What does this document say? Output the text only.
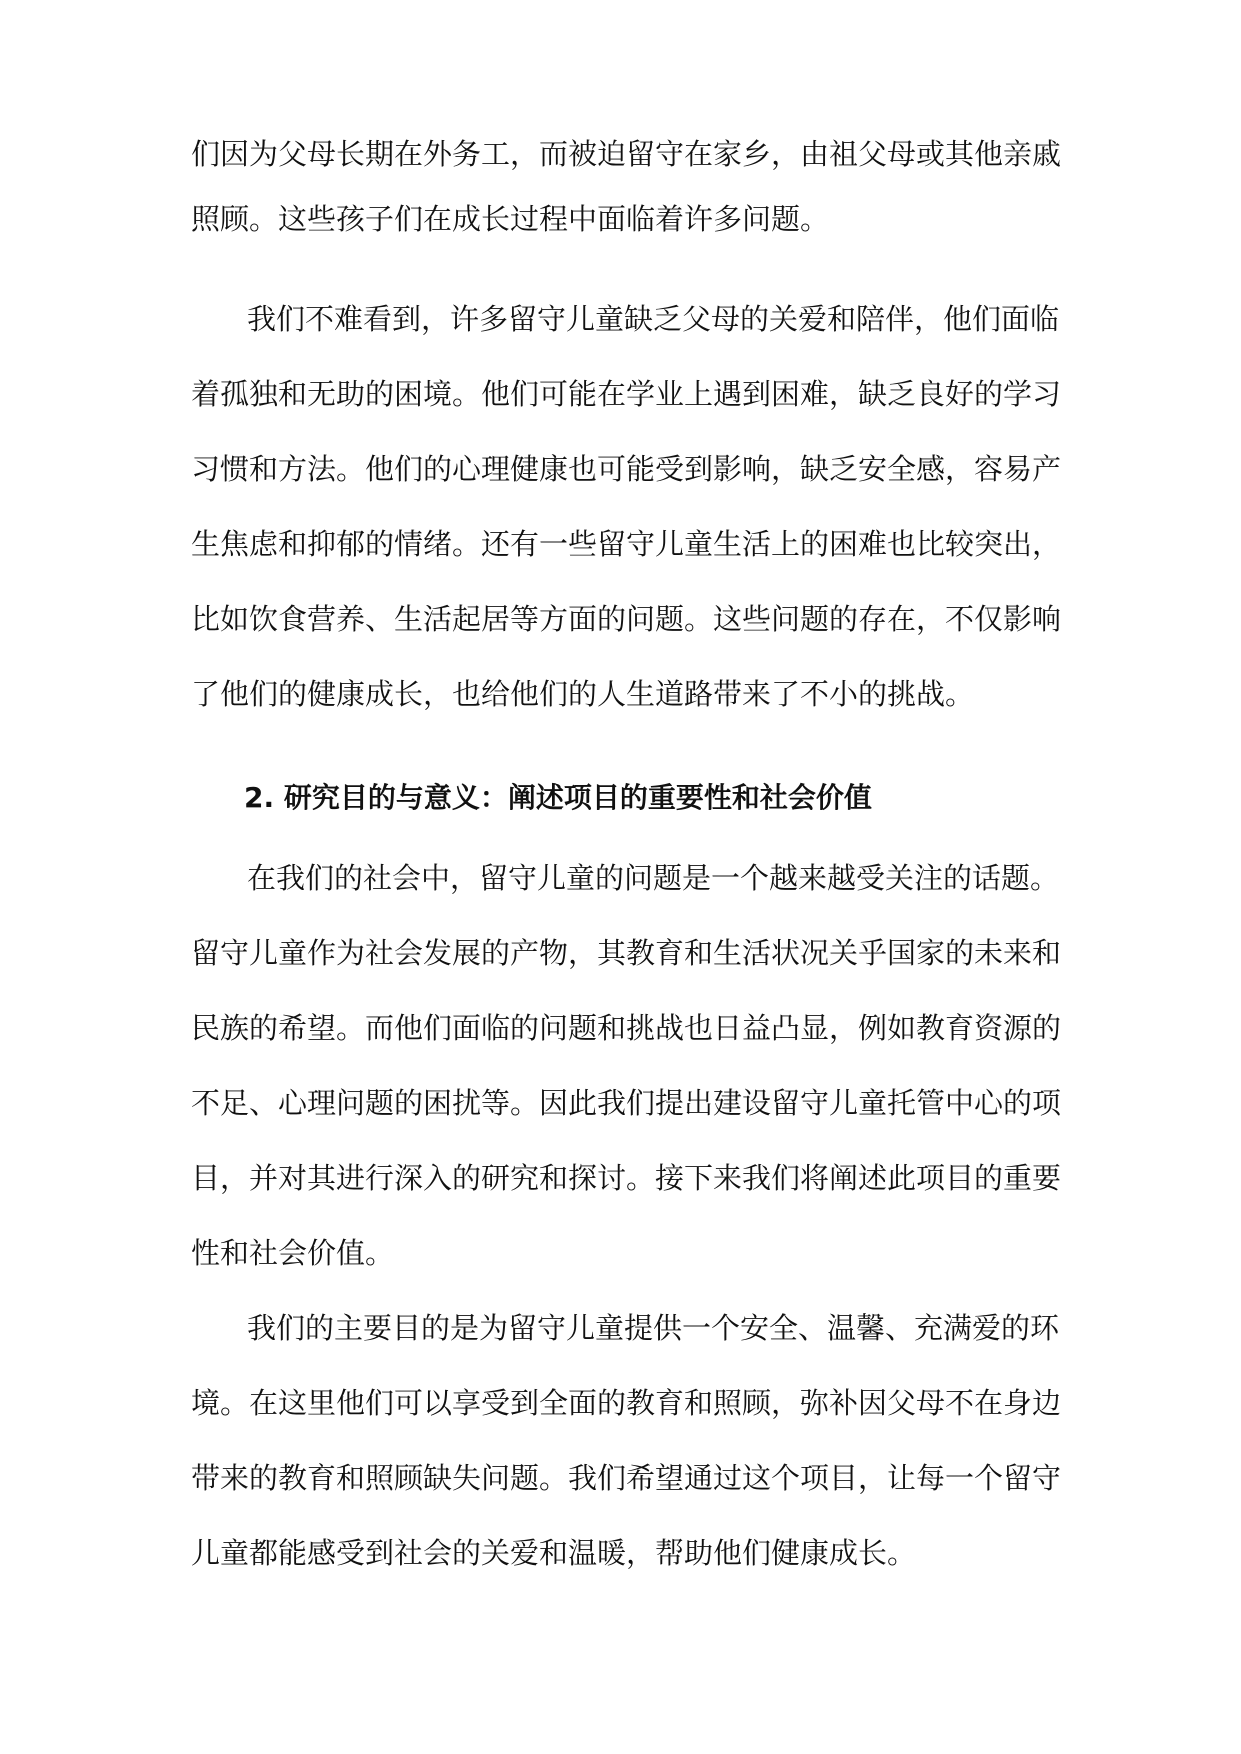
们因为父母长期在外务工，而被迫留守在家乡，由祖父母或其他亲戚
照顾。这些孩子们在成长过程中面临着许多问题。
我们不难看到，许多留守儿童缺乏父母的关爱和陪伴，他们面临
着孤独和无助的困境。他们可能在学业上遇到困难，缺乏良好的学习
习惯和方法。他们的心理健康也可能受到影响，缺乏安全感，容易产
生焦虑和抑郁的情绪。还有一些留守儿童生活上的困难也比较突出，
比如饮食营养、生活起居等方面的问题。这些问题的存在，不仅影响
了他们的健康成长，也给他们的人生道路带来了不小的挑战。
2. 研究目的与意义：阐述项目的重要性和社会价值
在我们的社会中，留守儿童的问题是一个越来越受关注的话题。
留守儿童作为社会发展的产物，其教育和生活状况关乎国家的未来和
民族的希望。而他们面临的问题和挑战也日益凸显，例如教育资源的
不足、心理问题的困扰等。因此我们提出建设留守儿童托管中心的项
目，并对其进行深入的研究和探讨。接下来我们将阐述此项目的重要
性和社会价值。
我们的主要目的是为留守儿童提供一个安全、温馨、充满爱的环
境。在这里他们可以享受到全面的教育和照顾，弥补因父母不在身边
带来的教育和照顾缺失问题。我们希望通过这个项目，让每一个留守
儿童都能感受到社会的关爱和温暖，帮助他们健康成长。
